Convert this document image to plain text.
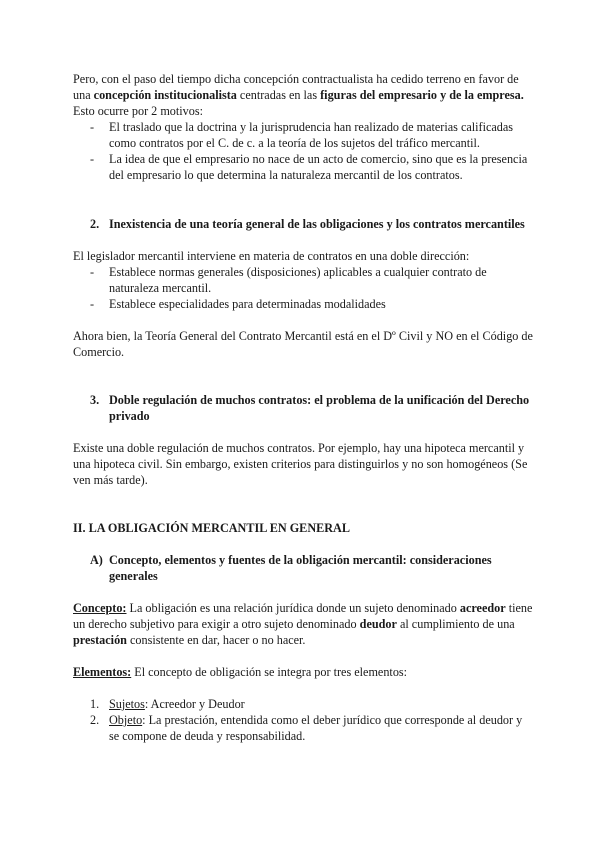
Pero, con el paso del tiempo dicha concepción contractualista ha cedido terreno en favor de una concepción institucionalista centradas en las figuras del empresario y de la empresa.

Esto ocurre por 2 motivos:

- El traslado que la doctrina y la jurisprudencia han realizado de materias calificadas como contratos por el C. de c. a la teoría de los sujetos del tráfico mercantil.
- La idea de que el empresario no nace de un acto de comercio, sino que es la presencia del empresario lo que determina la naturaleza mercantil de los contratos.
2. Inexistencia de una teoría general de las obligaciones y los contratos mercantiles

El legislador mercantil interviene en materia de contratos en una doble dirección:

- Establece normas generales (disposiciones) aplicables a cualquier contrato de naturaleza mercantil.
- Establece especialidades para determinadas modalidades

Ahora bien, la Teoría General del Contrato Mercantil está en el Dº Civil y NO en el Código de Comercio.

3. Doble regulación de muchos contratos: el problema de la unificación del Derecho privado

Existe una doble regulación de muchos contratos. Por ejemplo, hay una hipoteca mercantil y una hipoteca civil. Sin embargo, existen criterios para distinguirlos y no son homogéneos (Se ven más tarde).

II. LA OBLIGACIÓN MERCANTIL EN GENERAL

A) Concepto, elementos y fuentes de la obligación mercantil: consideraciones generales

Concepto: La obligación es una relación jurídica donde un sujeto denominado acreedor tiene un derecho subjetivo para exigir a otro sujeto denominado deudor al cumplimiento de una prestación consistente en dar, hacer o no hacer.

Elementos: El concepto de obligación se integra por tres elementos:

1. Sujetos: Acreedor y Deudor
2. Objeto: La prestación, entendida como el deber jurídico que corresponde al deudor y se compone de deuda y responsabilidad.
